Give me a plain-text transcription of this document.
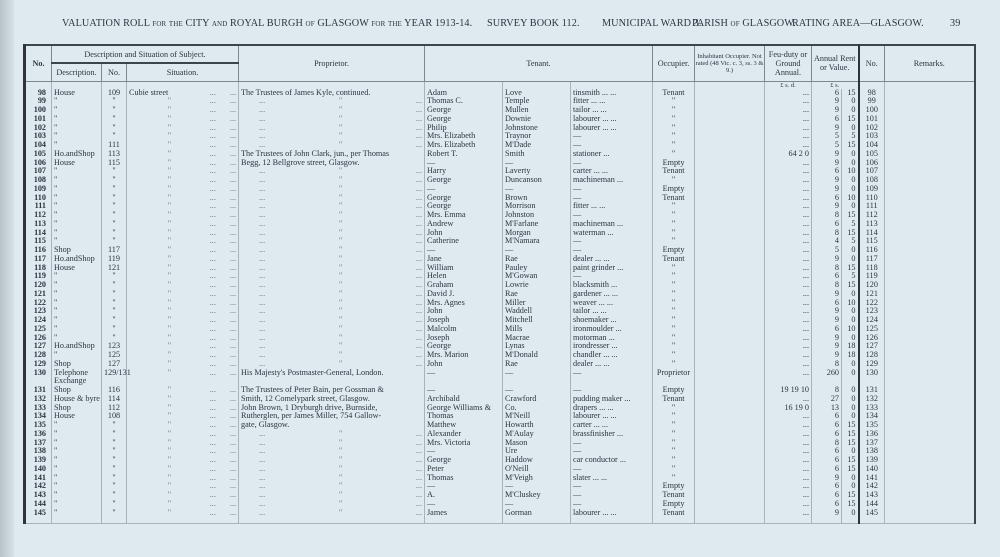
VALUATION ROLL for the CITY and ROYAL BURGH of GLASGOW for the YEAR 1913-14. SURVEY BOOK 112. MUNICIPAL WARD 3.
PARISH of GLASGOW.
RATING AREA—GLASGOW.	39
No.	Description and Situation of Subject.			Proprietor.	Tenant.			Occupier.	Inhabitant Occupier. Not rated (48 Vic. c. 3, ss. 3 & 9.)	Feu-duty or Ground Annual.	Annual Rent or Value.		No.	Remarks.
	Description.	No.	Situation.											
										£ s. d.	£ s.			
98	House	109	Cubie street ... ...	The Trustees of James Kyle, continued.	Adam	Love	tinsmith ... ...	Tenant		...	6	15	98	
99	"	"	" ... ...	... " ...	Thomas C.	Temple	fitter ... ...	"		...	9	0	99	
100	"	"	" ... ...	... " ...	George	Mullen	tailor ... ...	"		...	9	0	100	
101	"	"	" ... ...	... " ...	George	Downie	labourer ... ...	"		...	6	15	101	
102	"	"	" ... ...	... " ...	Philip	Johnstone	labourer ... ...	"		...	9	0	102	
103	"	"	" ... ...	... " ...	Mrs. Elizabeth	Traynor	—	"		...	5	5	103	
104	"	111	" ... ...	... " ...	Mrs. Elizabeth	M'Dade	—	"		...	5	15	104	
105	Ho.andShop	113	" ... ...	The Trustees of John Clark, jun., per Thomas	Robert T.	Smith	stationer ...	"		64 2 0	9	0	105	
106	House	115	" ... ...	Begg, 12 Bellgrove street, Glasgow.	—	—	—	Empty		...	9	0	106	
107	"	"	" ... ...	... " ...	Harry	Laverty	carter ... ...	Tenant		...	6	10	107	
108	"	"	" ... ...	... " ...	George	Duncanson	machineman ...	"		...	9	0	108	
109	"	"	" ... ...	... " ...	—	—	—	Empty		...	9	0	109	
110	"	"	" ... ...	... " ...	George	Brown	—	Tenant		...	6	10	110	
111	"	"	" ... ...	... " ...	George	Morrison	fitter ... ...	"		...	9	0	111	
112	"	"	" ... ...	... " ...	Mrs. Emma	Johnston	—	"		...	8	15	112	
113	"	"	" ... ...	... " ...	Andrew	M'Farlane	machineman ...	"		...	6	5	113	
114	"	"	" ... ...	... " ...	John	Morgan	waterman ...	"		...	8	15	114	
115	"	"	" ... ...	... " ...	Catherine	M'Namara	—	"		...	4	5	115	
116	Shop	117	" ... ...	... " ...	—	—	—	Empty		...	5	0	116	
117	Ho.andShop	119	" ... ...	... " ...	Jane	Rae	dealer ... ...	Tenant		...	9	0	117	
118	House	121	" ... ...	... " ...	William	Pauley	paint grinder ...	"		...	8	15	118	
119	"	"	" ... ...	... " ...	Helen	M'Gowan	—	"		...	6	5	119	
120	"	"	" ... ...	... " ...	Graham	Lowrie	blacksmith ...	"		...	8	15	120	
121	"	"	" ... ...	... " ...	David J.	Rae	gardener ... ...	"		...	9	0	121	
122	"	"	" ... ...	... " ...	Mrs. Agnes	Miller	weaver ... ...	"		...	6	10	122	
123	"	"	" ... ...	... " ...	John	Waddell	tailor ... ...	"		...	9	0	123	
124	"	"	" ... ...	... " ...	Joseph	Mitchell	shoemaker ...	"		...	9	0	124	
125	"	"	" ... ...	... " ...	Malcolm	Mills	ironmoulder ...	"		...	6	10	125	
126	"	"	" ... ...	... " ...	Joseph	Macrae	motorman ...	"		...	9	0	126	
127	Ho.andShop	123	" ... ...	... " ...	George	Lynas	irondresser ...	"		...	9	18	127	
128	"	125	" ... ...	... " ...	Mrs. Marion	M'Donald	chandler ... ...	"		...	9	18	128	
129	Shop	127	" ... ...	... " ...	John	Rae	dealer ... ...	"		...	8	0	129	
130	Telephone Exchange	129/131	" ... ...	His Majesty's Postmaster-General, London.	—	—	—	Proprietor		...	260	0	130	
131	Shop	116	" ... ...	The Trustees of Peter Bain, per Gossman &	—	—	—	Empty		19 19 10	8	0	131	
132	House & byre	114	" ... ...	Smith, 12 Comelypark street, Glasgow.	Archibald	Crawford	pudding maker ...	Tenant		...	27	0	132	
133	Shop	112	" ... ...	John Brown, 1 Dryburgh drive, Burnside,	George Williams &	Co.	drapers ... ...	"		16 19 0	13	0	133	
134	House	108	" ... ...	Rutherglen, per James Miller, 754 Gallow-	Thomas	M'Neill	labourer ... ...	"		...	6	0	134	
135	"	"	" ... ...	gate, Glasgow.	Matthew	Howarth	carter ... ...	"		...	6	15	135	
136	"	"	" ... ...	... " ...	Alexander	M'Aulay	brassfinisher ...	"		...	6	15	136	
137	"	"	" ... ...	... " ...	Mrs. Victoria	Mason	—	"		...	8	15	137	
138	"	"	" ... ...	... " ...	—	Ure	—	"		...	6	0	138	
139	"	"	" ... ...	... " ...	George	Haddow	car conductor ...	"		...	6	15	139	
140	"	"	" ... ...	... " ...	Peter	O'Neill	—	"		...	6	15	140	
141	"	"	" ... ...	... " ...	Thomas	M'Veigh	slater ... ...	"		...	9	0	141	
142	"	"	" ... ...	... " ...	—	—	—	Empty		...	6	0	142	
143	"	"	" ... ...	... " ...	A.	M'Cluskey	—	Tenant		...	6	15	143	
144	"	"	" ... ...	... " ...	—	—	—	Empty		...	6	15	144	
145	"	"	" ... ...	... " ...	James	Gorman	labourer ... ...	Tenant		...	9	0	145	
